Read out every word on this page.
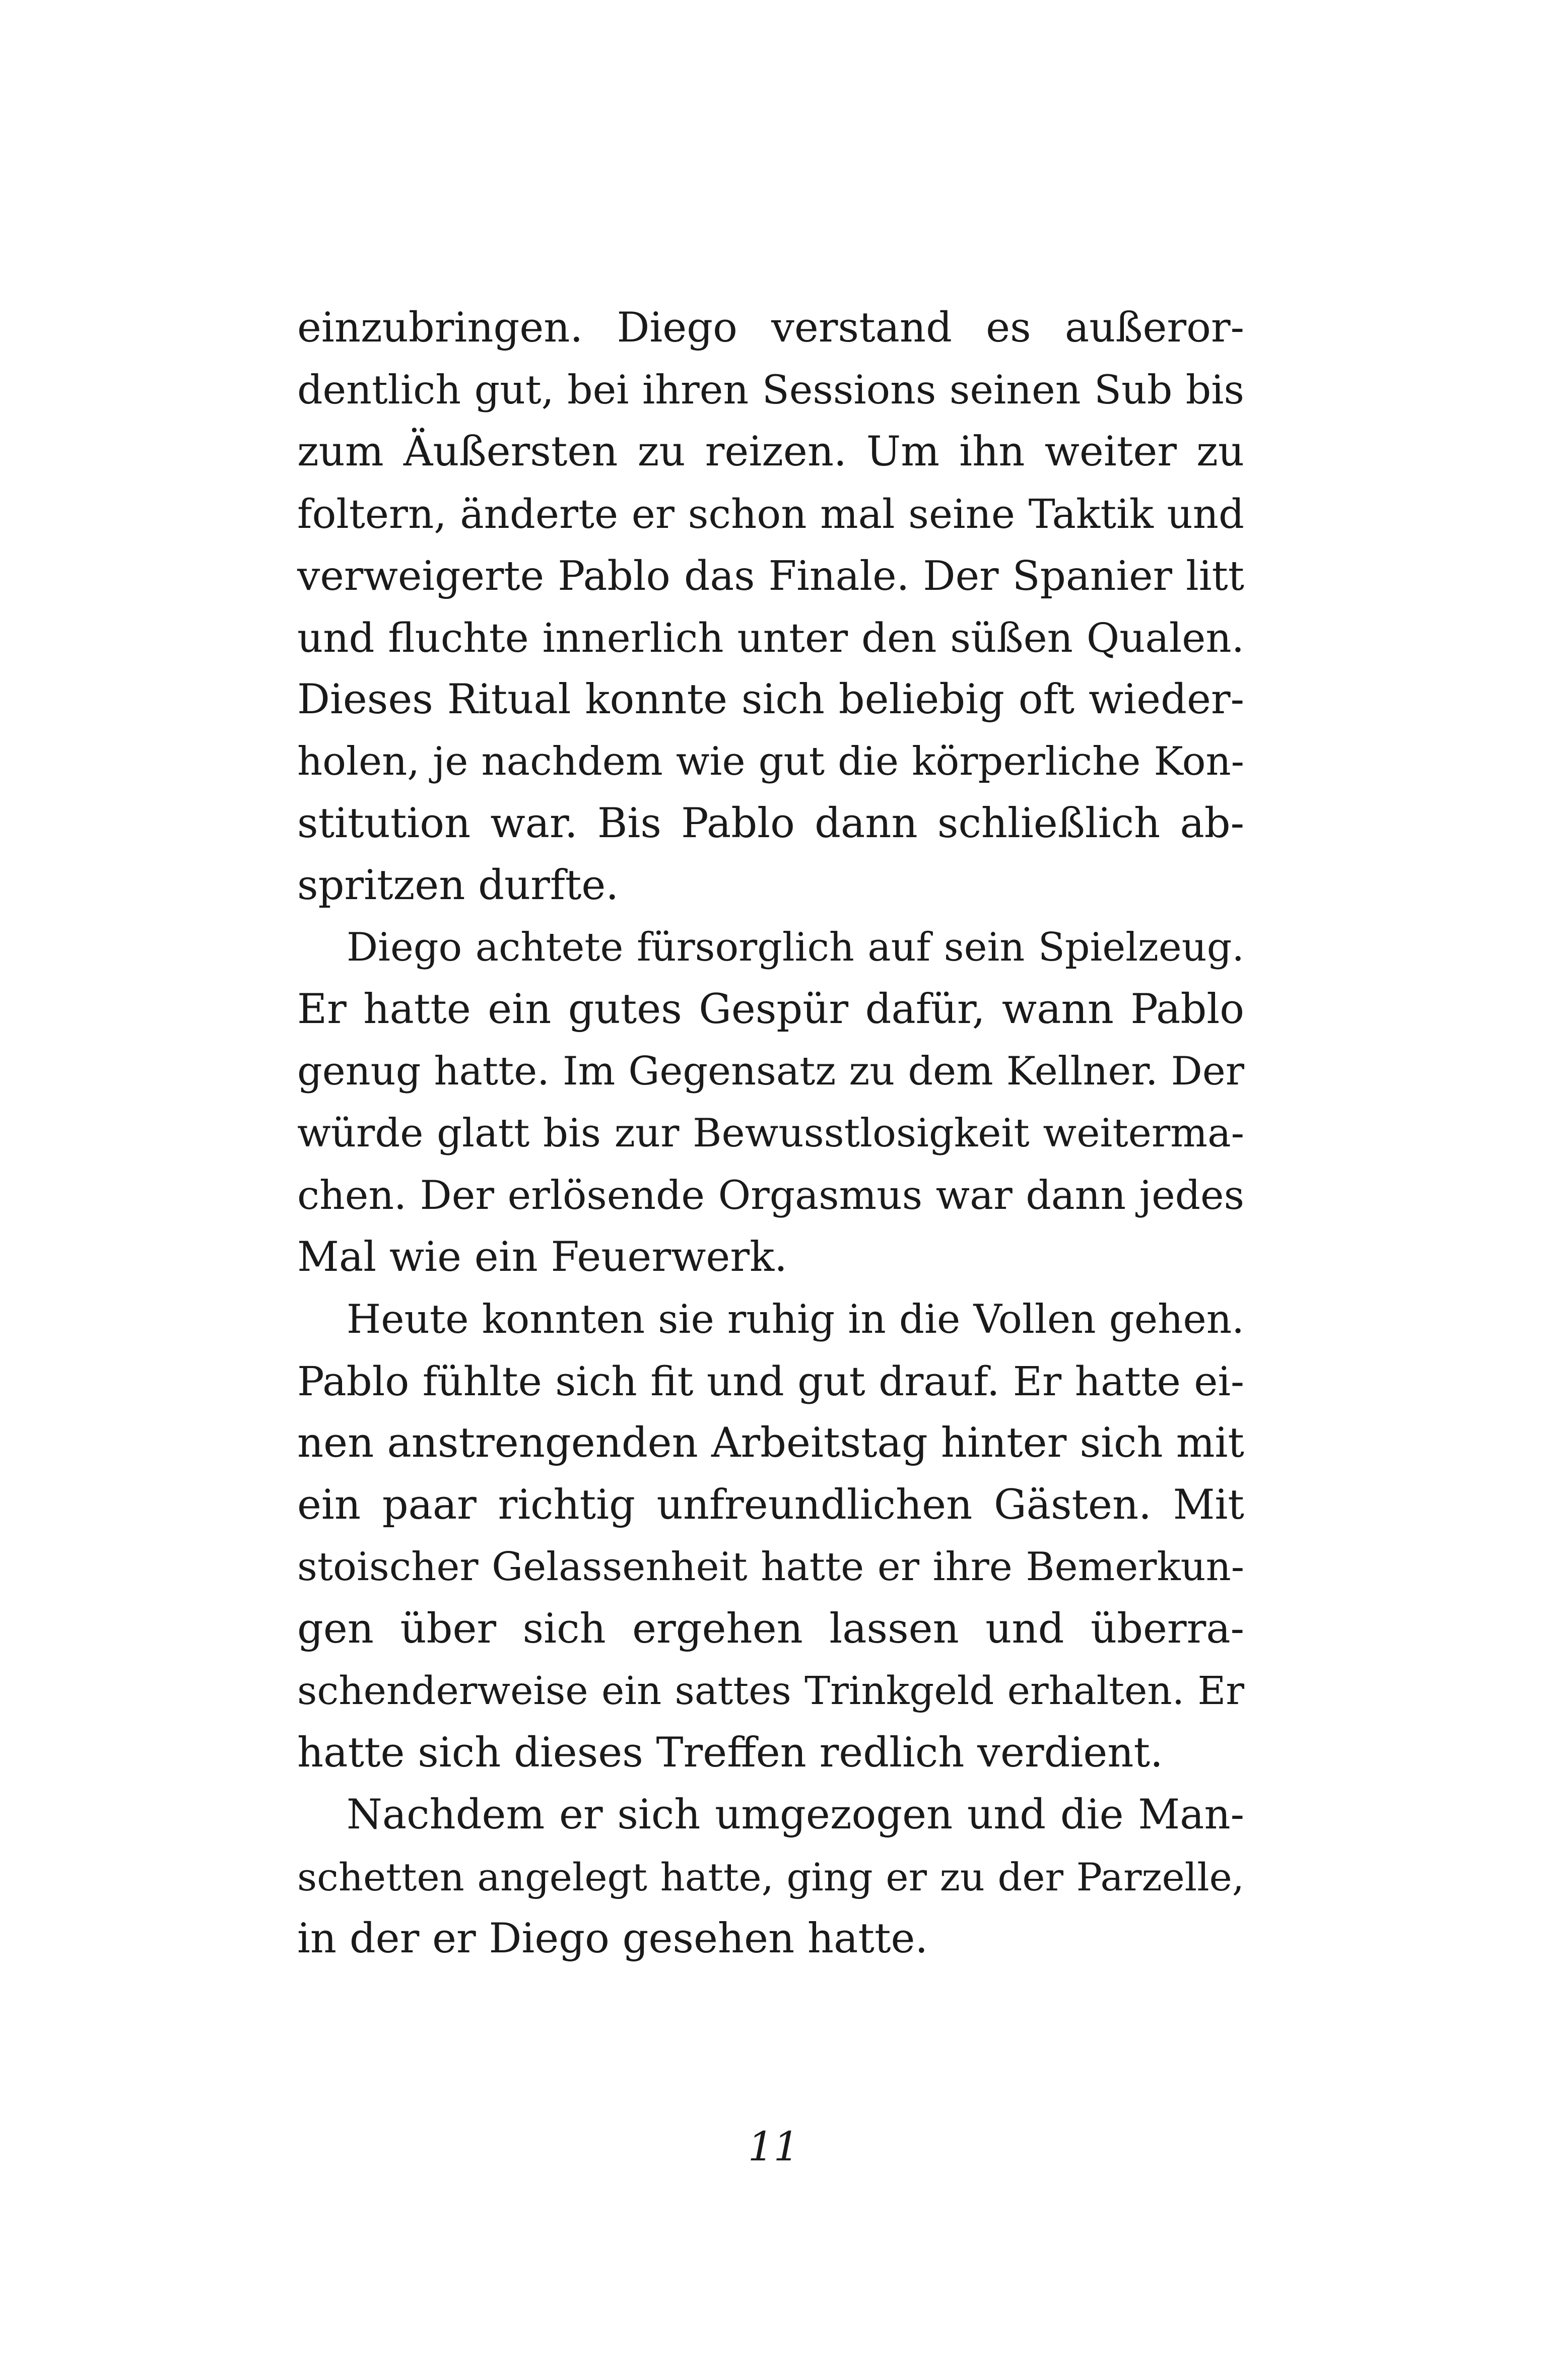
einzubringen. Diego verstand es außeror-
dentlich gut, bei ihren Sessions seinen Sub bis
zum Äußersten zu reizen. Um ihn weiter zu
foltern, änderte er schon mal seine Taktik und
verweigerte Pablo das Finale. Der Spanier litt
und fluchte innerlich unter den süßen Qualen.
Dieses Ritual konnte sich beliebig oft wieder-
holen, je nachdem wie gut die körperliche Kon-
stitution war. Bis Pablo dann schließlich ab-
spritzen durfte.
Diego achtete fürsorglich auf sein Spielzeug.
Er hatte ein gutes Gespür dafür, wann Pablo
genug hatte. Im Gegensatz zu dem Kellner. Der
würde glatt bis zur Bewusstlosigkeit weiterma-
chen. Der erlösende Orgasmus war dann jedes
Mal wie ein Feuerwerk.
Heute konnten sie ruhig in die Vollen gehen.
Pablo fühlte sich fit und gut drauf. Er hatte ei-
nen anstrengenden Arbeitstag hinter sich mit
ein paar richtig unfreundlichen Gästen. Mit
stoischer Gelassenheit hatte er ihre Bemerkun-
gen über sich ergehen lassen und überra-
schenderweise ein sattes Trinkgeld erhalten. Er
hatte sich dieses Treffen redlich verdient.
Nachdem er sich umgezogen und die Man-
schetten angelegt hatte, ging er zu der Parzelle,
in der er Diego gesehen hatte.
11
